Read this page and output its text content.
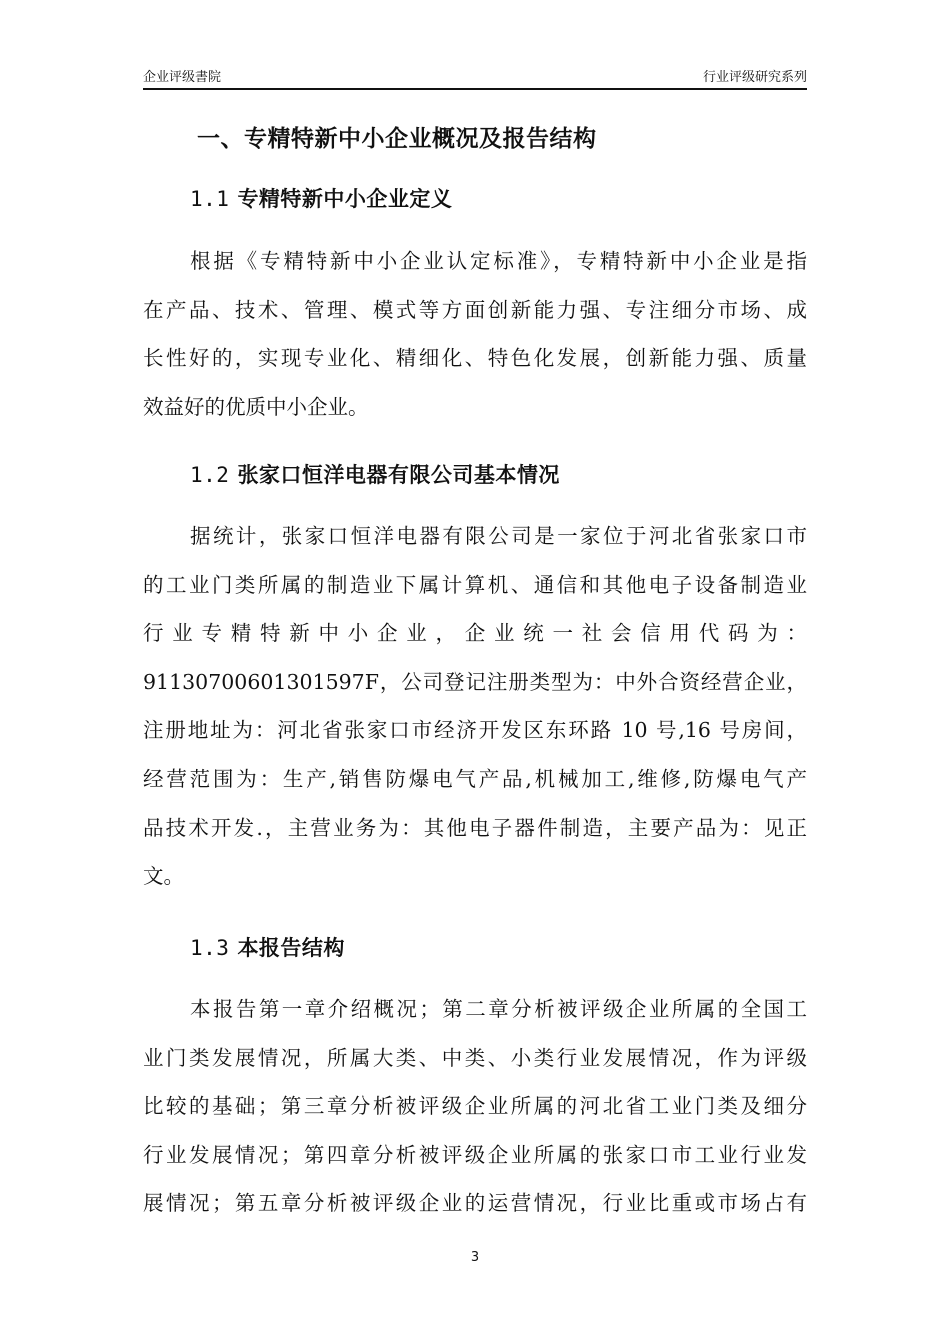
企业评级書院	行业评级研究系列
一、专精特新中小企业概况及报告结构
1.1 专精特新中小企业定义
根据《专精特新中小企业认定标准》，专精特新中小企业是指
在产品、技术、管理、模式等方面创新能力强、专注细分市场、成
长性好的，实现专业化、精细化、特色化发展，创新能力强、质量
效益好的优质中小企业。
1.2 张家口恒洋电器有限公司基本情况
据统计，张家口恒洋电器有限公司是一家位于河北省张家口市
的工业门类所属的制造业下属计算机、通信和其他电子设备制造业
行业专精特新中小企业，企业统一社会信用代码为：
91130700601301597F，公司登记注册类型为：中外合资经营企业，
注册地址为：河北省张家口市经济开发区东环路 10 号,16 号房间，
经营范围为：生产,销售防爆电气产品,机械加工,维修,防爆电气产
品技术开发.，主营业务为：其他电子器件制造，主要产品为：见正
文。
1.3 本报告结构
本报告第一章介绍概况；第二章分析被评级企业所属的全国工
业门类发展情况，所属大类、中类、小类行业发展情况，作为评级
比较的基础；第三章分析被评级企业所属的河北省工业门类及细分
行业发展情况；第四章分析被评级企业所属的张家口市工业行业发
展情况；第五章分析被评级企业的运营情况，行业比重或市场占有
3
